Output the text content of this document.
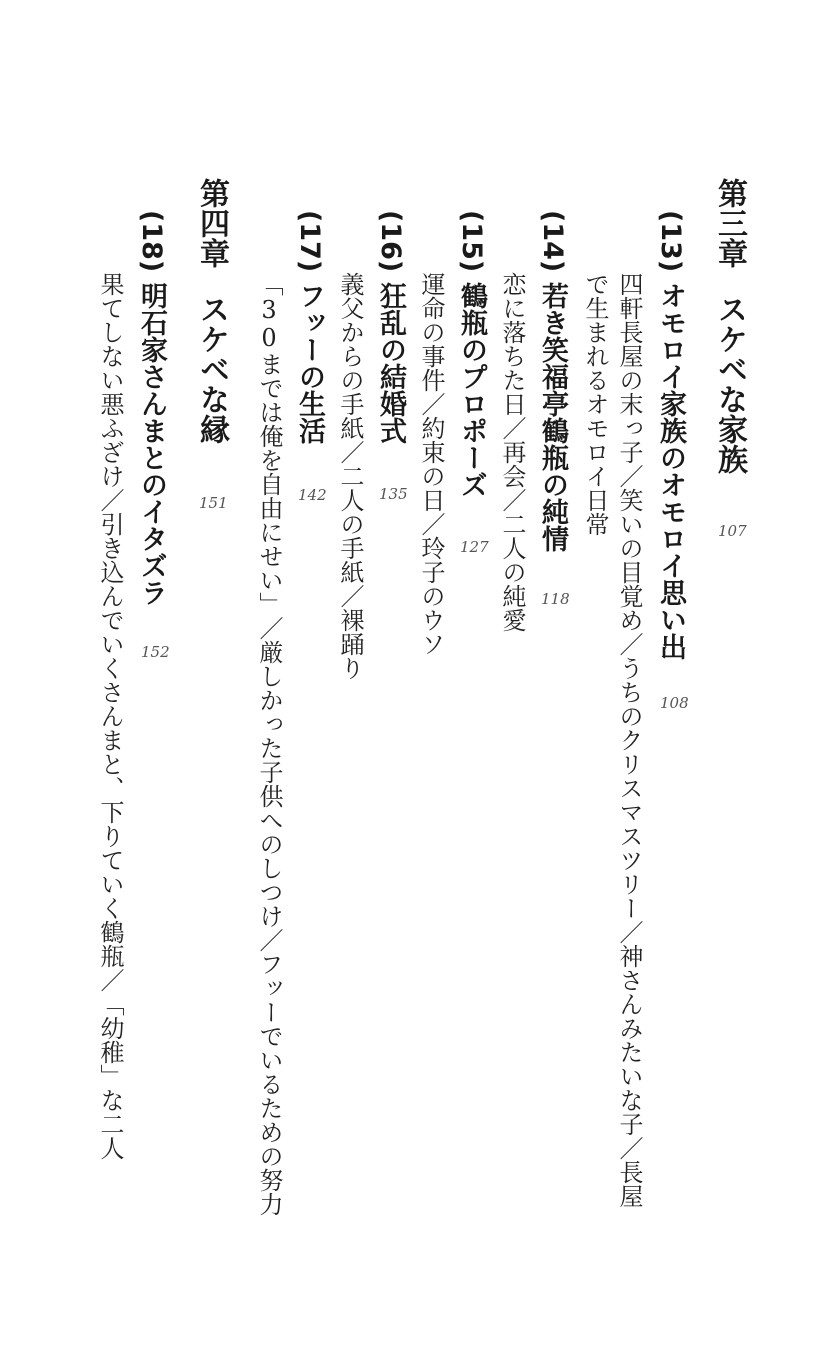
第三章スケベな家族
107
(13)オモロイ家族のオモロイ思い出
108
四軒長屋の末っ子／笑いの目覚め／うちのクリスマスツリー／神さんみたいな子／長屋
で生まれるオモロイ日常
(14)若き笑福亭鶴瓶の純情
118
恋に落ちた日／再会／二人の純愛
(15)鶴瓶のプロポーズ
127
運命の事件／約束の日／玲子のウソ
(16)狂乱の結婚式
135
義父からの手紙／二人の手紙／裸踊り
(17)フッーの生活
142
「30までは俺を自由にせい」／厳しかった子供へのしつけ／フッーでいるための努力
第四章スケベな縁
151
(18)明石家さんまとのイタズラ
152
果てしない悪ふざけ／引き込んでいくさんまと、下りていく鶴瓶／「幼稚」な二人
